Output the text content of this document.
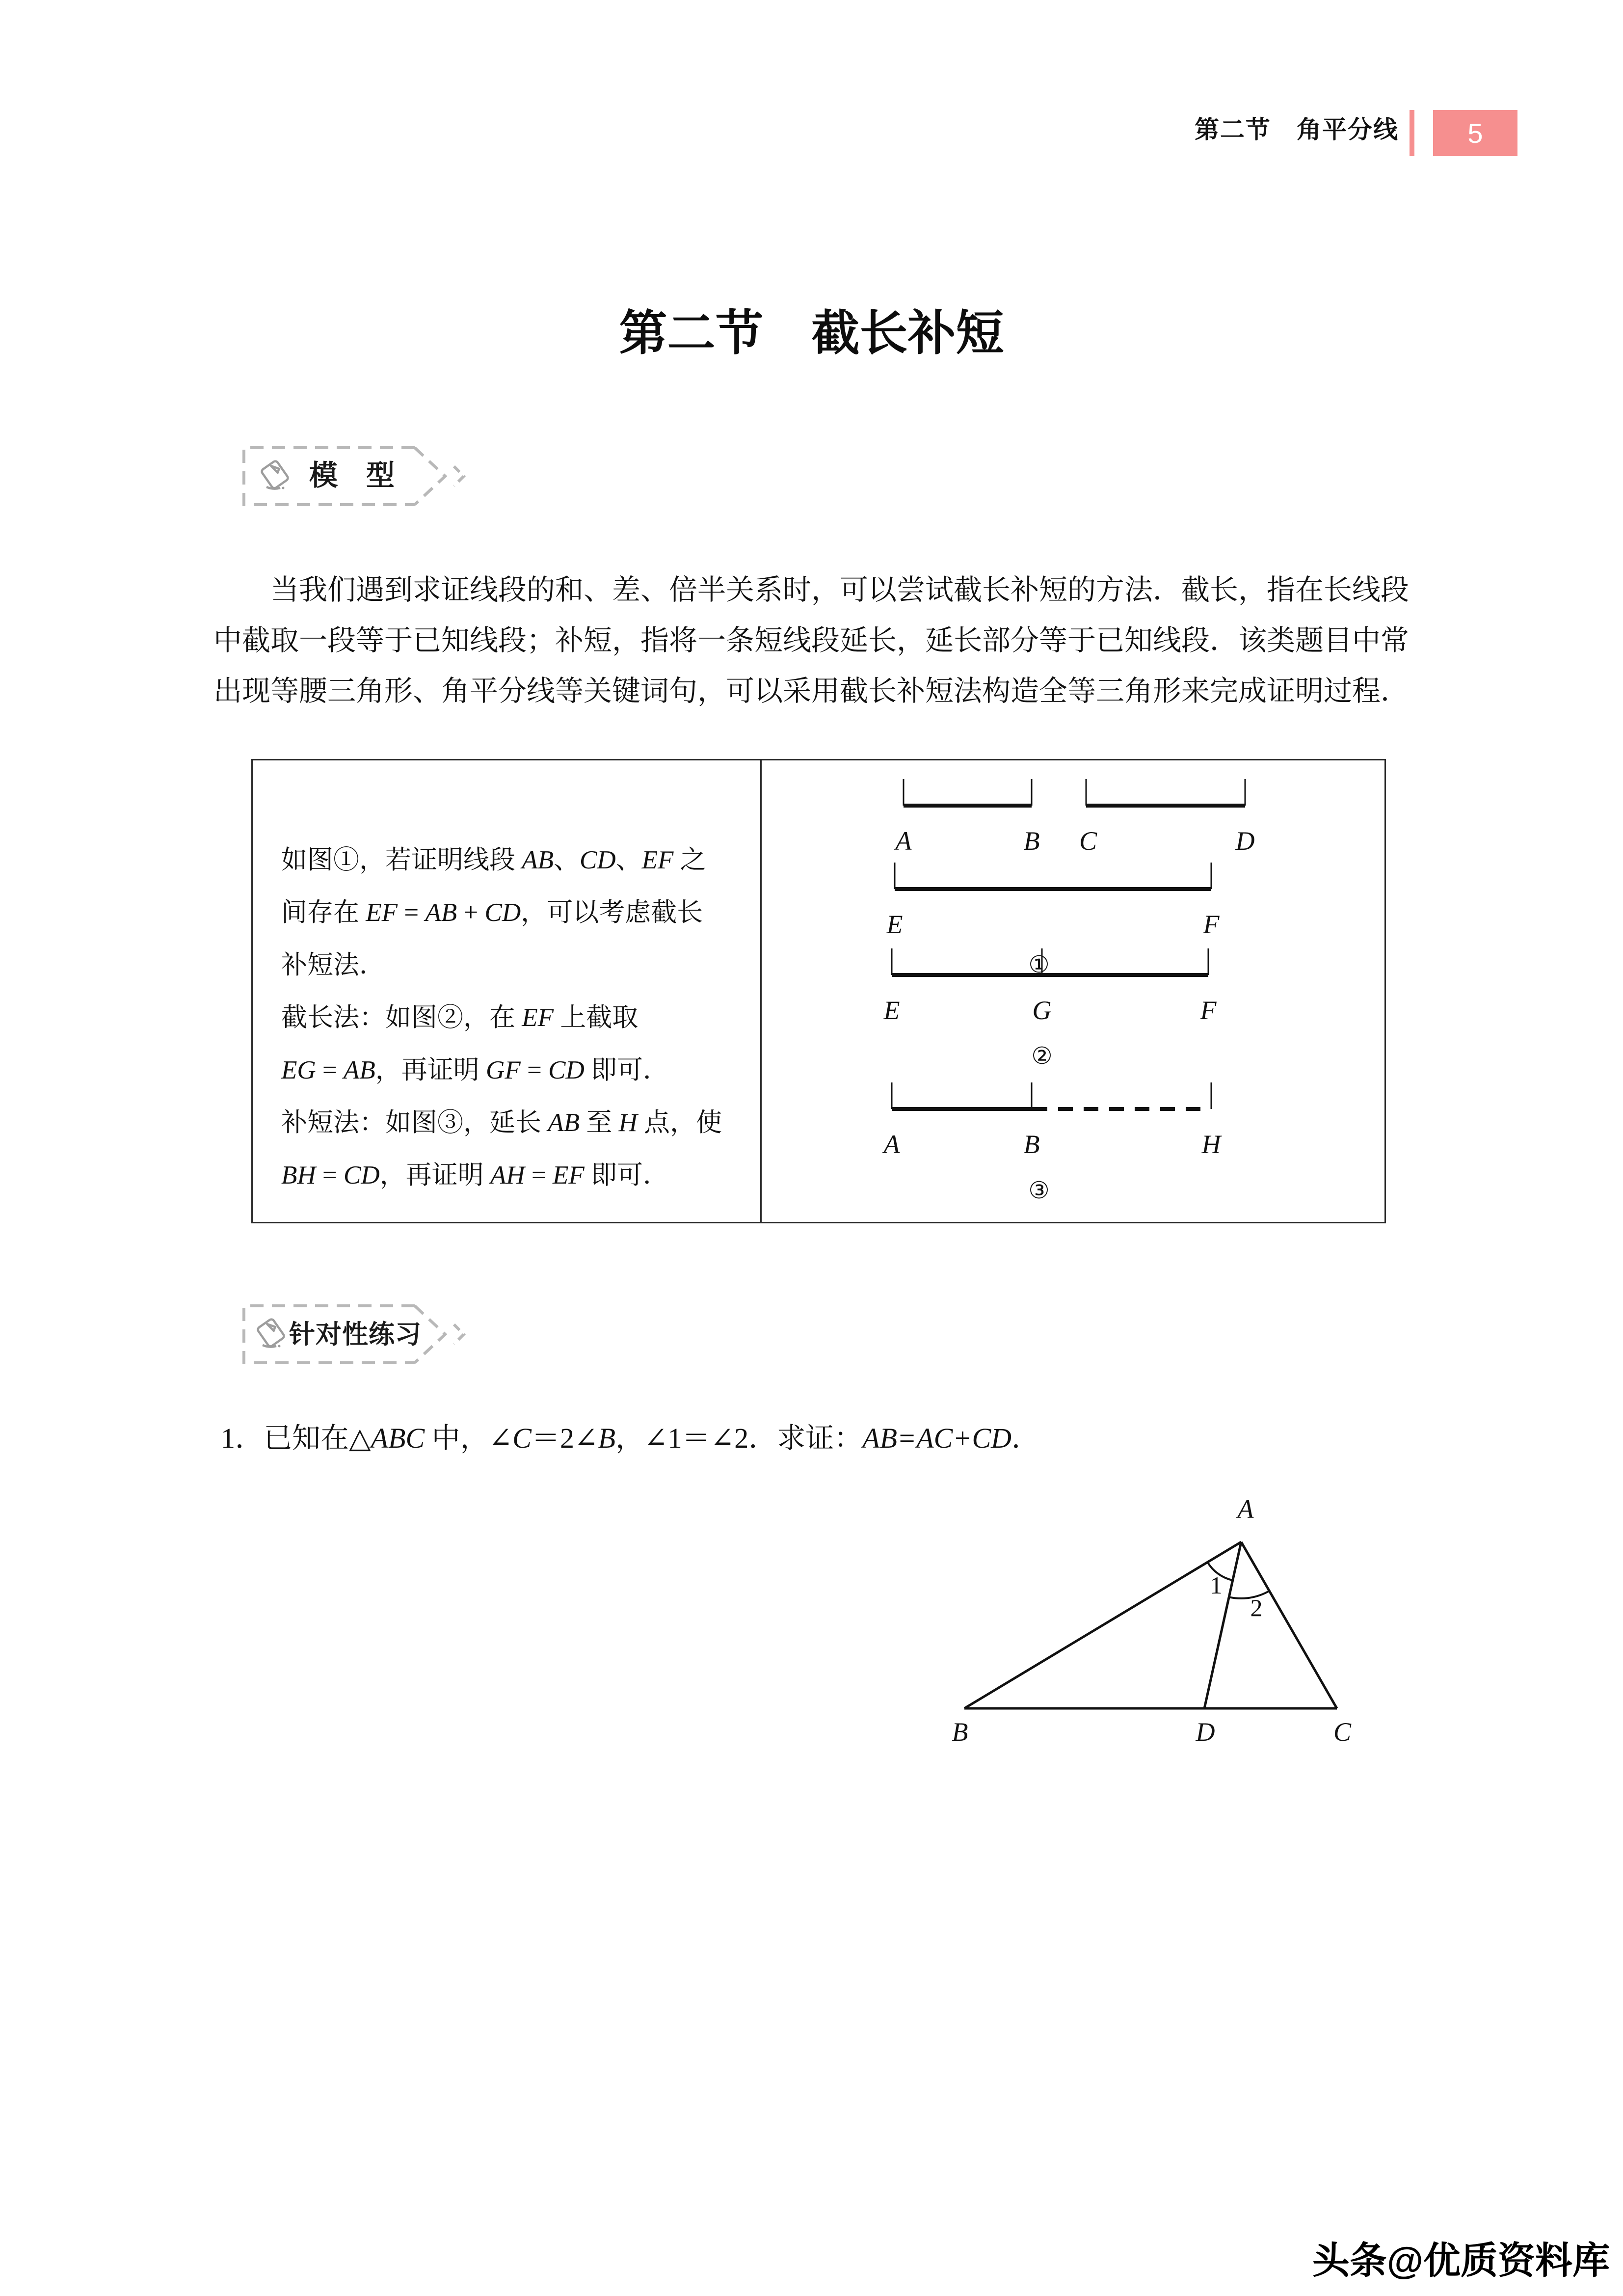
第二节　角平分线	5
第二节　截长补短
模　型
当我们遇到求证线段的和、差、倍半关系时，可以尝试截长补短的方法．截长，指在长线段中截取一段等于已知线段；补短，指将一条短线段延长，延长部分等于已知线段．该类题目中常出现等腰三角形、角平分线等关键词句，可以采用截长补短法构造全等三角形来完成证明过程．
如图①，若证明线段 AB、CD、EF 之
间存在 EF = AB + CD，可以考虑截长
补短法．
截长法：如图②，在 EF 上截取
EG = AB，再证明 GF = CD 即可．
补短法：如图③，延长 AB 至 H 点，使
BH = CD，再证明 AH = EF 即可．
A	B C	D
E	F
①
E	G	F
②
A	B	H
③
针对性练习
1．已知在△ABC 中，∠C＝2∠B，∠1＝∠2．求证：AB=AC+CD．
A
B	D	C
1
2
头条@优质资料库
